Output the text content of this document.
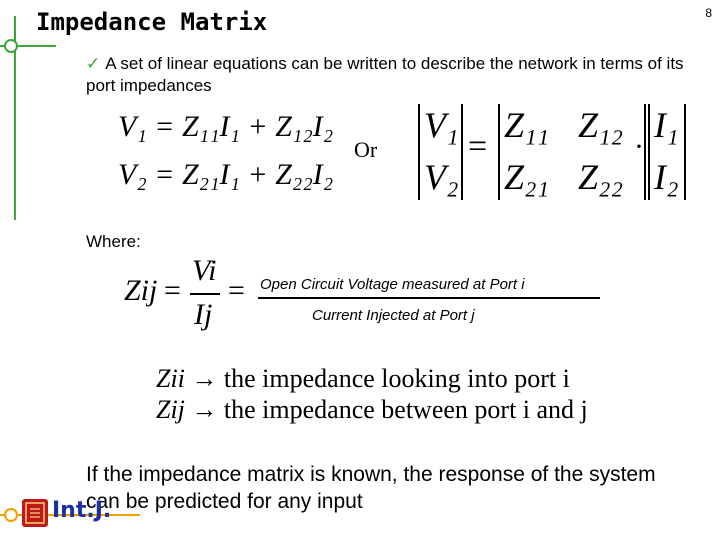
Impedance Matrix	8
✓ A set of linear equations can be written to describe the network in terms of its port impedances
V₁ = Z₁₁I₁ + Z₁₂I₂
V₂ = Z₂₁I₁ + Z₂₂I₂
Or
V₁
V₂
=
Z₁₁ Z₁₂
Z₂₁ Z₂₂
·
I₁
I₂
Where:
Zij =
Vi
Ij
= Open Circuit Voltage measured at Port i
Current Injected at Port j
Zii → the impedance looking into port i
Zij → the impedance between port i and j
If the impedance matrix is known, the response of the system can be predicted for any input
Int.J.
